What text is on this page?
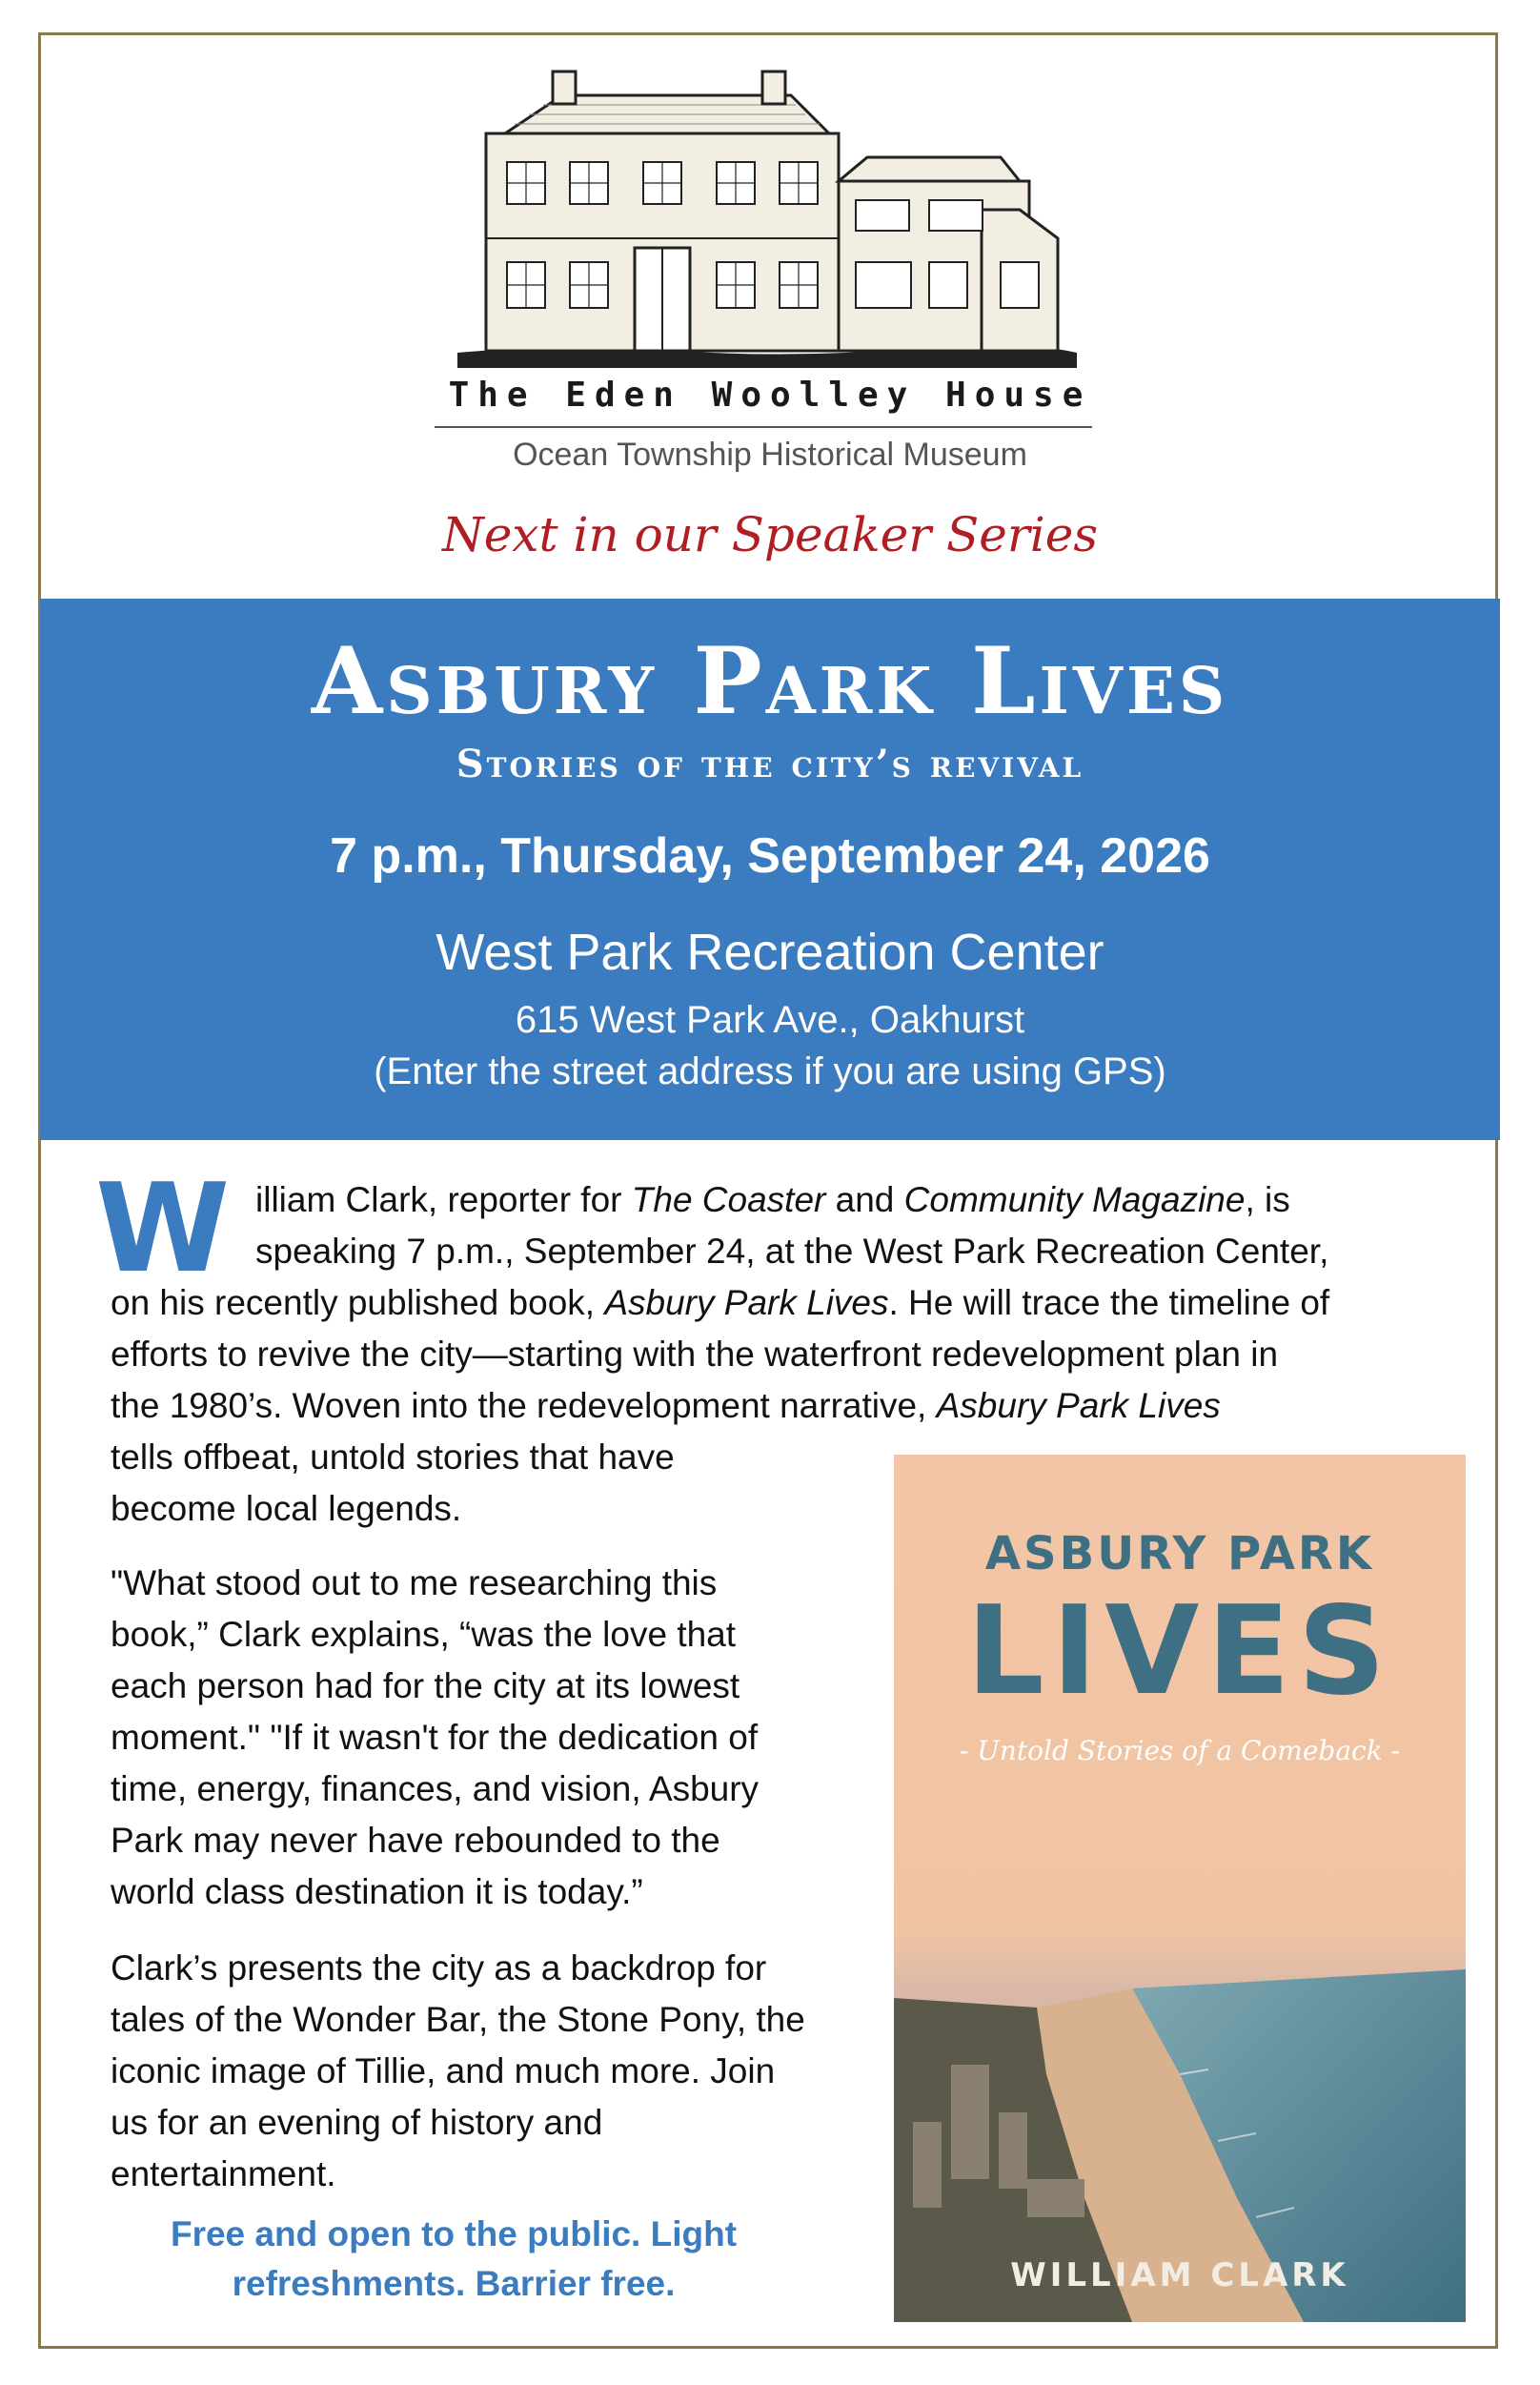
The Eden Woolley House
Ocean Township Historical Museum
Next in our Speaker Series
Asbury Park Lives
Stories of the city’s revival
7 p.m., Thursday, September 24, 2026
West Park Recreation Center
615 West Park Ave., Oakhurst
(Enter the street address if you are using GPS)
W illiam Clark, reporter for The Coaster and Community Magazine, is
speaking 7 p.m., September 24, at the West Park Recreation Center,
on his recently published book, Asbury Park Lives. He will trace the timeline of
efforts to revive the city—starting with the waterfront redevelopment plan in
the 1980’s. Woven into the redevelopment narrative, Asbury Park Lives
tells offbeat, untold stories that have
become local legends.
"What stood out to me researching this
book,” Clark explains, “was the love that
each person had for the city at its lowest
moment." "If it wasn't for the dedication of
time, energy, finances, and vision, Asbury
Park may never have rebounded to the
world class destination it is today.”
Clark’s presents the city as a backdrop for
tales of the Wonder Bar, the Stone Pony, the
iconic image of Tillie, and much more. Join
us for an evening of history and
entertainment.
Free and open to the public. Light
refreshments. Barrier free.
ASBURY PARK
LIVES
- Untold Stories of a Comeback -
WILLIAM CLARK
